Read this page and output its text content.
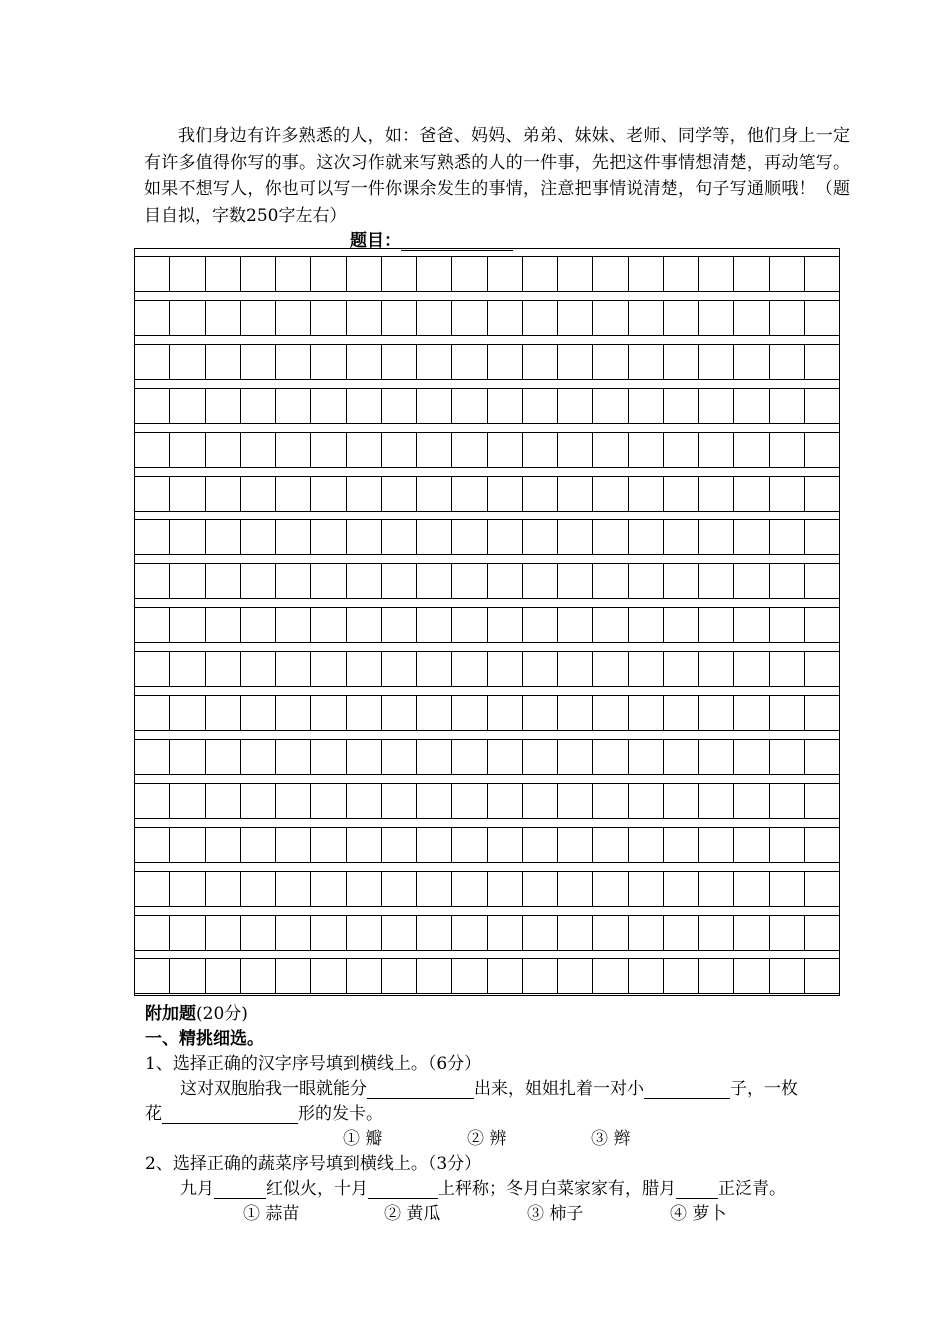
我们身边有许多熟悉的人，如：爸爸、妈妈、弟弟、妹妹、老师、同学等，他们身上一定有许多值得你写的事。这次习作就来写熟悉的人的一件事，先把这件事情想清楚，再动笔写。如果不想写人，你也可以写一件你课余发生的事情，注意把事情说清楚，句子写通顺哦！（题目自拟，字数250字左右）
题目：
附加题(20分)
一、精挑细选。
1、选择正确的汉字序号填到横线上。（6分）
这对双胞胎我一眼就能分	出来，姐姐扎着一对小	子，一枚
花	形的发卡。
① 瓣	② 辨	③ 辫
2、选择正确的蔬菜序号填到横线上。（3分）
九月	红似火，十月	上秤称；冬月白菜家家有，腊月 正泛青。
① 蒜苗	② 黄瓜	③ 柿子	④ 萝卜
